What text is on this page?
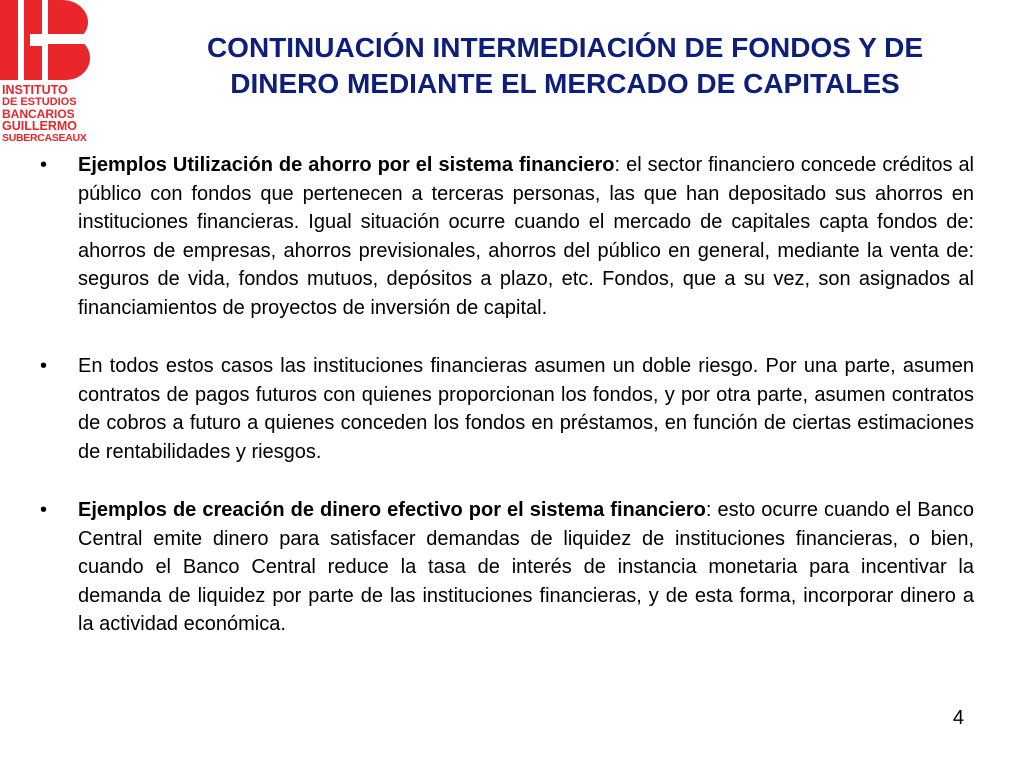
INSTITUTO
DE ESTUDIOS
BANCARIOS
GUILLERMO
SUBERCASEAUX
CONTINUACIÓN INTERMEDIACIÓN DE FONDOS Y DE
DINERO MEDIANTE EL MERCADO DE CAPITALES

• Ejemplos Utilización de ahorro por el sistema financiero: el sector financiero concede créditos al público con fondos que pertenecen a terceras personas, las que han depositado sus ahorros en instituciones financieras. Igual situación ocurre cuando el mercado de capitales capta fondos de: ahorros de empresas, ahorros previsionales, ahorros del público en general, mediante la venta de: seguros de vida, fondos mutuos, depósitos a plazo, etc. Fondos, que a su vez, son asignados al financiamientos de proyectos de inversión de capital.

• En todos estos casos las instituciones financieras asumen un doble riesgo. Por una parte, asumen contratos de pagos futuros con quienes proporcionan los fondos, y por otra parte, asumen contratos de cobros a futuro a quienes conceden los fondos en préstamos, en función de ciertas estimaciones de rentabilidades y riesgos.

• Ejemplos de creación de dinero efectivo por el sistema financiero: esto ocurre cuando el Banco Central emite dinero para satisfacer demandas de liquidez de instituciones financieras, o bien, cuando el Banco Central reduce la tasa de interés de instancia monetaria para incentivar la demanda de liquidez por parte de las instituciones financieras, y de esta forma, incorporar dinero a la actividad económica.

4
